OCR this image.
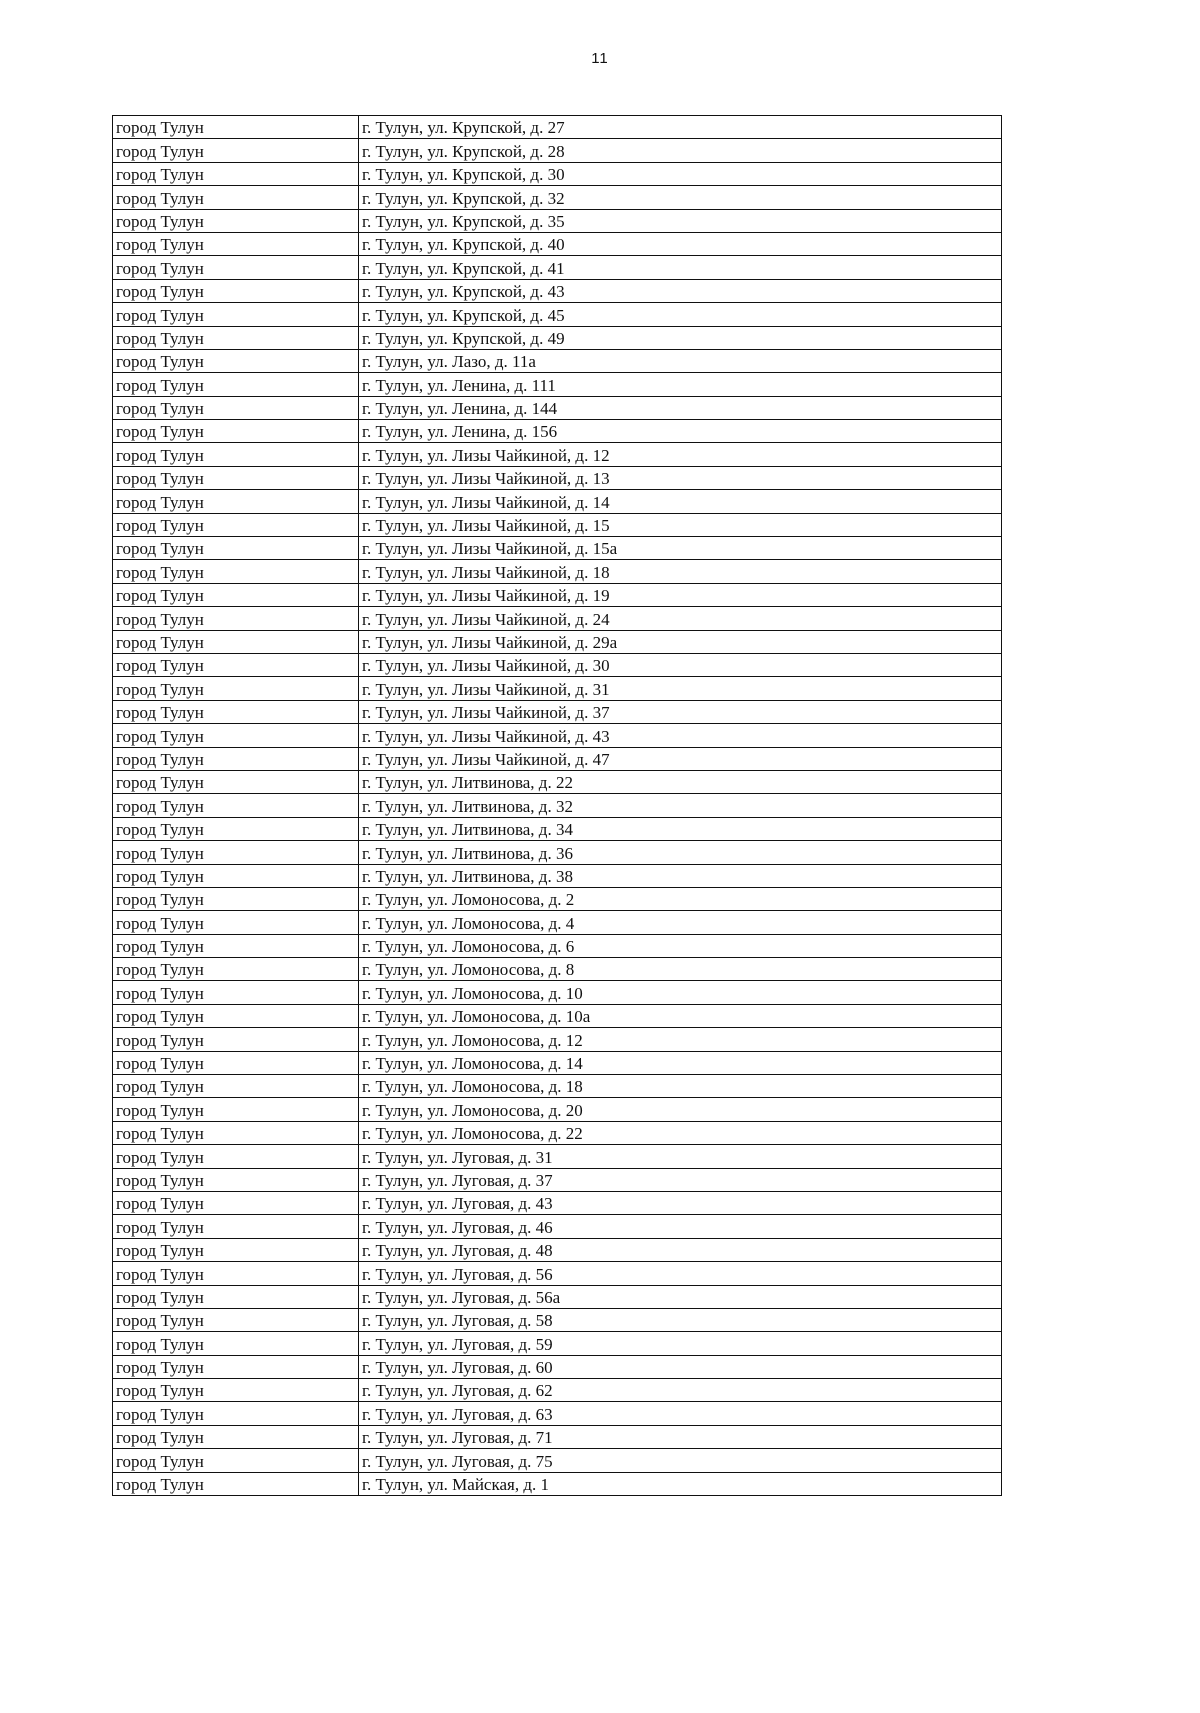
11
город Тулун	г. Тулун, ул. Крупской, д. 27
город Тулун	г. Тулун, ул. Крупской, д. 28
город Тулун	г. Тулун, ул. Крупской, д. 30
город Тулун	г. Тулун, ул. Крупской, д. 32
город Тулун	г. Тулун, ул. Крупской, д. 35
город Тулун	г. Тулун, ул. Крупской, д. 40
город Тулун	г. Тулун, ул. Крупской, д. 41
город Тулун	г. Тулун, ул. Крупской, д. 43
город Тулун	г. Тулун, ул. Крупской, д. 45
город Тулун	г. Тулун, ул. Крупской, д. 49
город Тулун	г. Тулун, ул. Лазо, д. 11а
город Тулун	г. Тулун, ул. Ленина, д. 111
город Тулун	г. Тулун, ул. Ленина, д. 144
город Тулун	г. Тулун, ул. Ленина, д. 156
город Тулун	г. Тулун, ул. Лизы Чайкиной, д. 12
город Тулун	г. Тулун, ул. Лизы Чайкиной, д. 13
город Тулун	г. Тулун, ул. Лизы Чайкиной, д. 14
город Тулун	г. Тулун, ул. Лизы Чайкиной, д. 15
город Тулун	г. Тулун, ул. Лизы Чайкиной, д. 15а
город Тулун	г. Тулун, ул. Лизы Чайкиной, д. 18
город Тулун	г. Тулун, ул. Лизы Чайкиной, д. 19
город Тулун	г. Тулун, ул. Лизы Чайкиной, д. 24
город Тулун	г. Тулун, ул. Лизы Чайкиной, д. 29а
город Тулун	г. Тулун, ул. Лизы Чайкиной, д. 30
город Тулун	г. Тулун, ул. Лизы Чайкиной, д. 31
город Тулун	г. Тулун, ул. Лизы Чайкиной, д. 37
город Тулун	г. Тулун, ул. Лизы Чайкиной, д. 43
город Тулун	г. Тулун, ул. Лизы Чайкиной, д. 47
город Тулун	г. Тулун, ул. Литвинова, д. 22
город Тулун	г. Тулун, ул. Литвинова, д. 32
город Тулун	г. Тулун, ул. Литвинова, д. 34
город Тулун	г. Тулун, ул. Литвинова, д. 36
город Тулун	г. Тулун, ул. Литвинова, д. 38
город Тулун	г. Тулун, ул. Ломоносова, д. 2
город Тулун	г. Тулун, ул. Ломоносова, д. 4
город Тулун	г. Тулун, ул. Ломоносова, д. 6
город Тулун	г. Тулун, ул. Ломоносова, д. 8
город Тулун	г. Тулун, ул. Ломоносова, д. 10
город Тулун	г. Тулун, ул. Ломоносова, д. 10а
город Тулун	г. Тулун, ул. Ломоносова, д. 12
город Тулун	г. Тулун, ул. Ломоносова, д. 14
город Тулун	г. Тулун, ул. Ломоносова, д. 18
город Тулун	г. Тулун, ул. Ломоносова, д. 20
город Тулун	г. Тулун, ул. Ломоносова, д. 22
город Тулун	г. Тулун, ул. Луговая, д. 31
город Тулун	г. Тулун, ул. Луговая, д. 37
город Тулун	г. Тулун, ул. Луговая, д. 43
город Тулун	г. Тулун, ул. Луговая, д. 46
город Тулун	г. Тулун, ул. Луговая, д. 48
город Тулун	г. Тулун, ул. Луговая, д. 56
город Тулун	г. Тулун, ул. Луговая, д. 56а
город Тулун	г. Тулун, ул. Луговая, д. 58
город Тулун	г. Тулун, ул. Луговая, д. 59
город Тулун	г. Тулун, ул. Луговая, д. 60
город Тулун	г. Тулун, ул. Луговая, д. 62
город Тулун	г. Тулун, ул. Луговая, д. 63
город Тулун	г. Тулун, ул. Луговая, д. 71
город Тулун	г. Тулун, ул. Луговая, д. 75
город Тулун	г. Тулун, ул. Майская, д. 1
